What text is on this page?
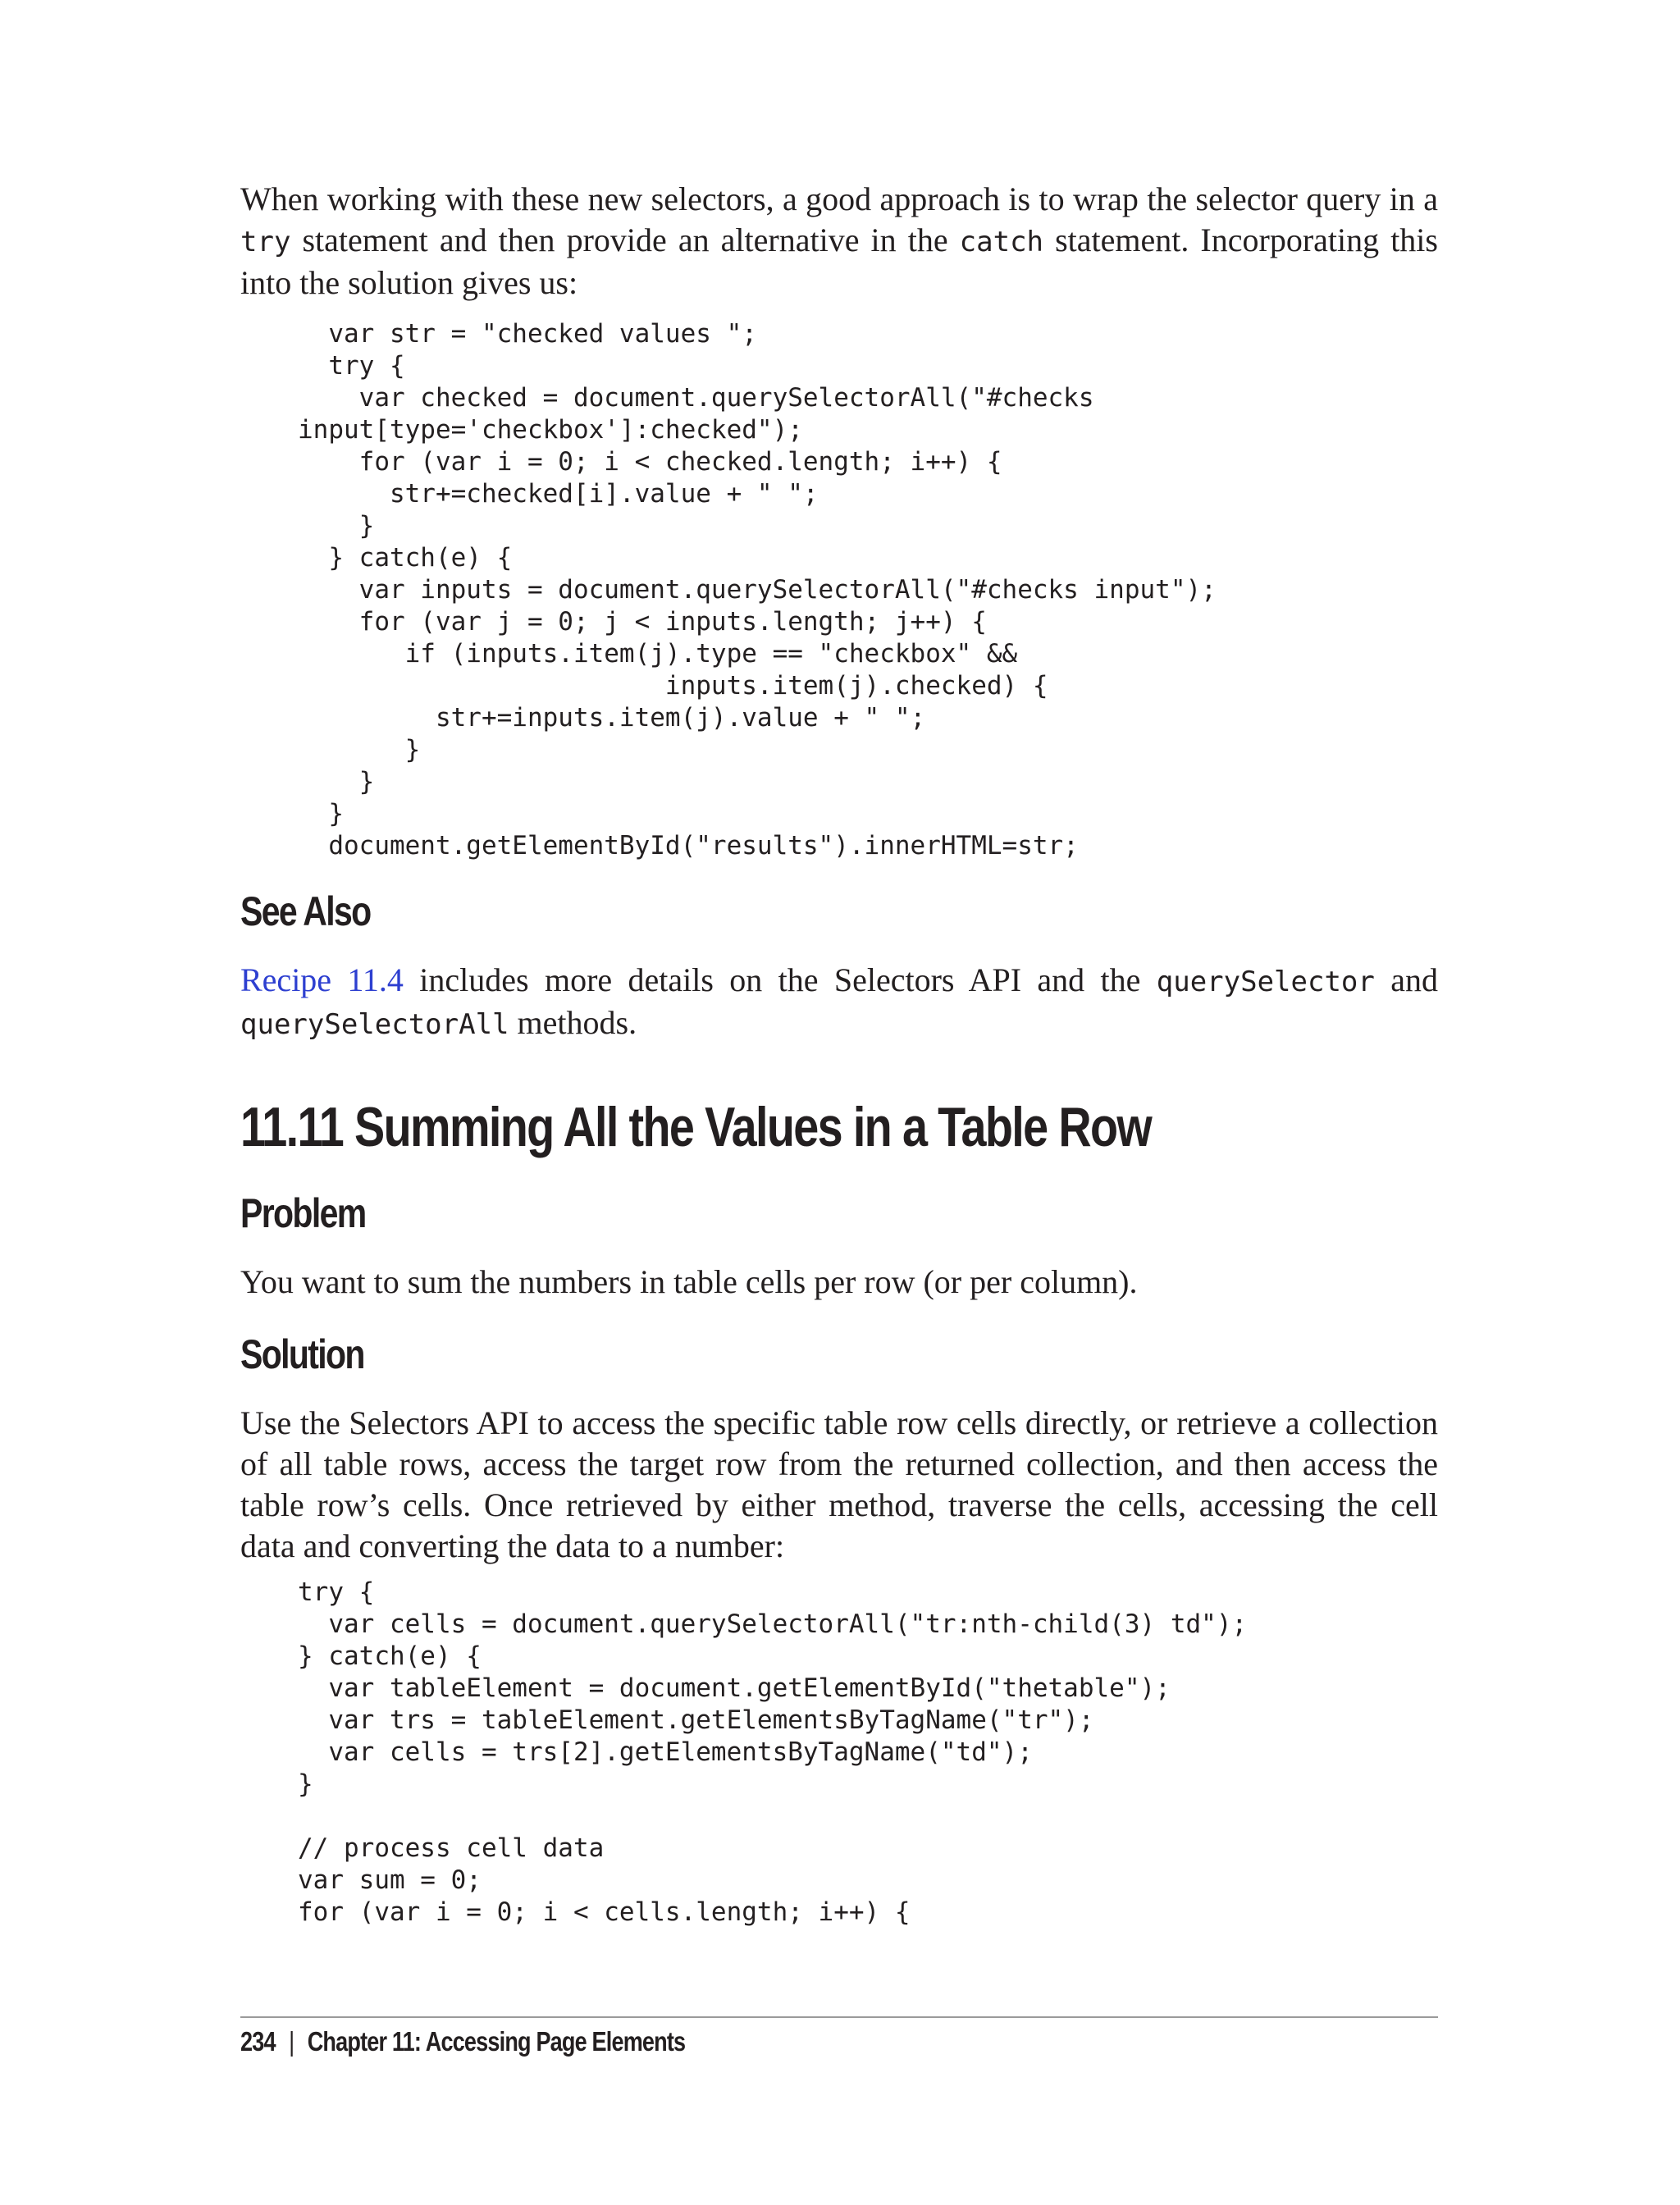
When working with these new selectors, a good approach is to wrap the selector query in a try statement and then provide an alternative in the catch statement. Incorporating this into the solution gives us:

var str = "checked values ";
try {
var checked = document.querySelectorAll("#checks
input[type='checkbox']:checked");
for (var i = 0; i < checked.length; i++) {
str+=checked[i].value + " ";
}
} catch(e) {
var inputs = document.querySelectorAll("#checks input");
for (var j = 0; j < inputs.length; j++) {
if (inputs.item(j).type == "checkbox" &&
inputs.item(j).checked) {
str+=inputs.item(j).value + " ";
}
}
}
document.getElementById("results").innerHTML=str;
See Also

Recipe 11.4 includes more details on the Selectors API and the querySelector and querySelectorAll methods.

11.11 Summing All the Values in a Table Row
Problem

You want to sum the numbers in table cells per row (or per column).

Solution

Use the Selectors API to access the specific table row cells directly, or retrieve a collection of all table rows, access the target row from the returned collection, and then access the table row’s cells. Once retrieved by either method, traverse the cells, accessing the cell data and converting the data to a number:

try {
var cells = document.querySelectorAll("tr:nth-child(3) td");
} catch(e) {
var tableElement = document.getElementById("thetable");
var trs = tableElement.getElementsByTagName("tr");
var cells = trs[2].getElementsByTagName("td");
}

// process cell data
var sum = 0;
for (var i = 0; i < cells.length; i++) {

234 | Chapter 11: Accessing Page Elements
